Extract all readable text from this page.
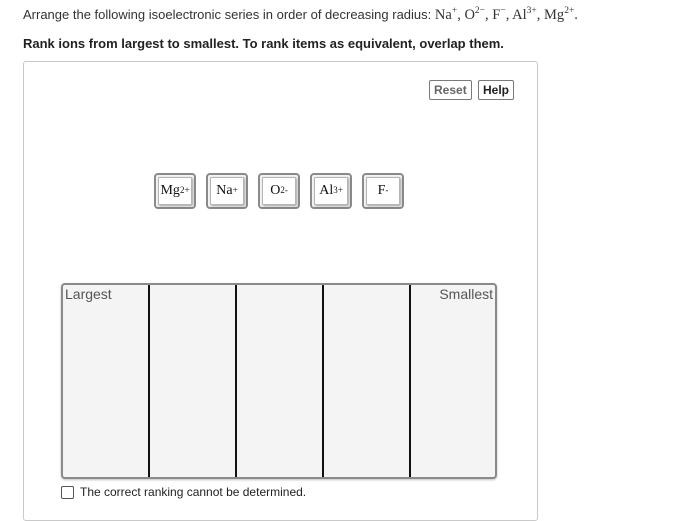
Arrange the following isoelectronic series in order of decreasing radius: Na+, $O^{2-}$, F−, $Al^{3+}$, $Mg^{2+}$.
Rank ions from largest to smallest. To rank items as equivalent, overlap them.
Reset	Help
$Mg^{2+}$ Na+ $O^{2-}$ $Al^{3+}$ F-
Largest	Smallest
The correct ranking cannot be determined.
